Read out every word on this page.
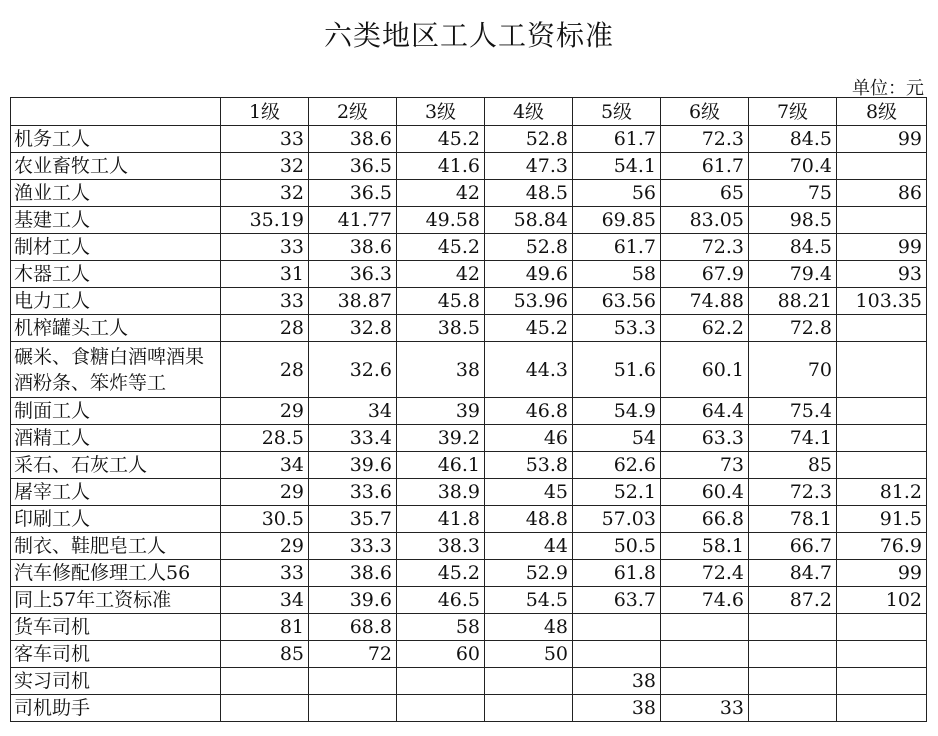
六类地区工人工资标准
单位：元
	1级	2级	3级	4级	5级	6级	7级	8级
机务工人	33	38.6	45.2	52.8	61.7	72.3	84.5	99
农业畜牧工人	32	36.5	41.6	47.3	54.1	61.7	70.4	
渔业工人	32	36.5	42	48.5	56	65	75	86
基建工人	35.19	41.77	49.58	58.84	69.85	83.05	98.5	
制材工人	33	38.6	45.2	52.8	61.7	72.3	84.5	99
木器工人	31	36.3	42	49.6	58	67.9	79.4	93
电力工人	33	38.87	45.8	53.96	63.56	74.88	88.21	103.35
机榨罐头工人	28	32.8	38.5	45.2	53.3	62.2	72.8	
碾米、食糖白酒啤酒果酒粉条、笨炸等工	28	32.6	38	44.3	51.6	60.1	70	
制面工人	29	34	39	46.8	54.9	64.4	75.4	
酒精工人	28.5	33.4	39.2	46	54	63.3	74.1	
采石、石灰工人	34	39.6	46.1	53.8	62.6	73	85	
屠宰工人	29	33.6	38.9	45	52.1	60.4	72.3	81.2
印刷工人	30.5	35.7	41.8	48.8	57.03	66.8	78.1	91.5
制衣、鞋肥皂工人	29	33.3	38.3	44	50.5	58.1	66.7	76.9
汽车修配修理工人56	33	38.6	45.2	52.9	61.8	72.4	84.7	99
同上57年工资标准	34	39.6	46.5	54.5	63.7	74.6	87.2	102
货车司机	81	68.8	58	48				
客车司机	85	72	60	50				
实习司机					38			
司机助手					38	33		
